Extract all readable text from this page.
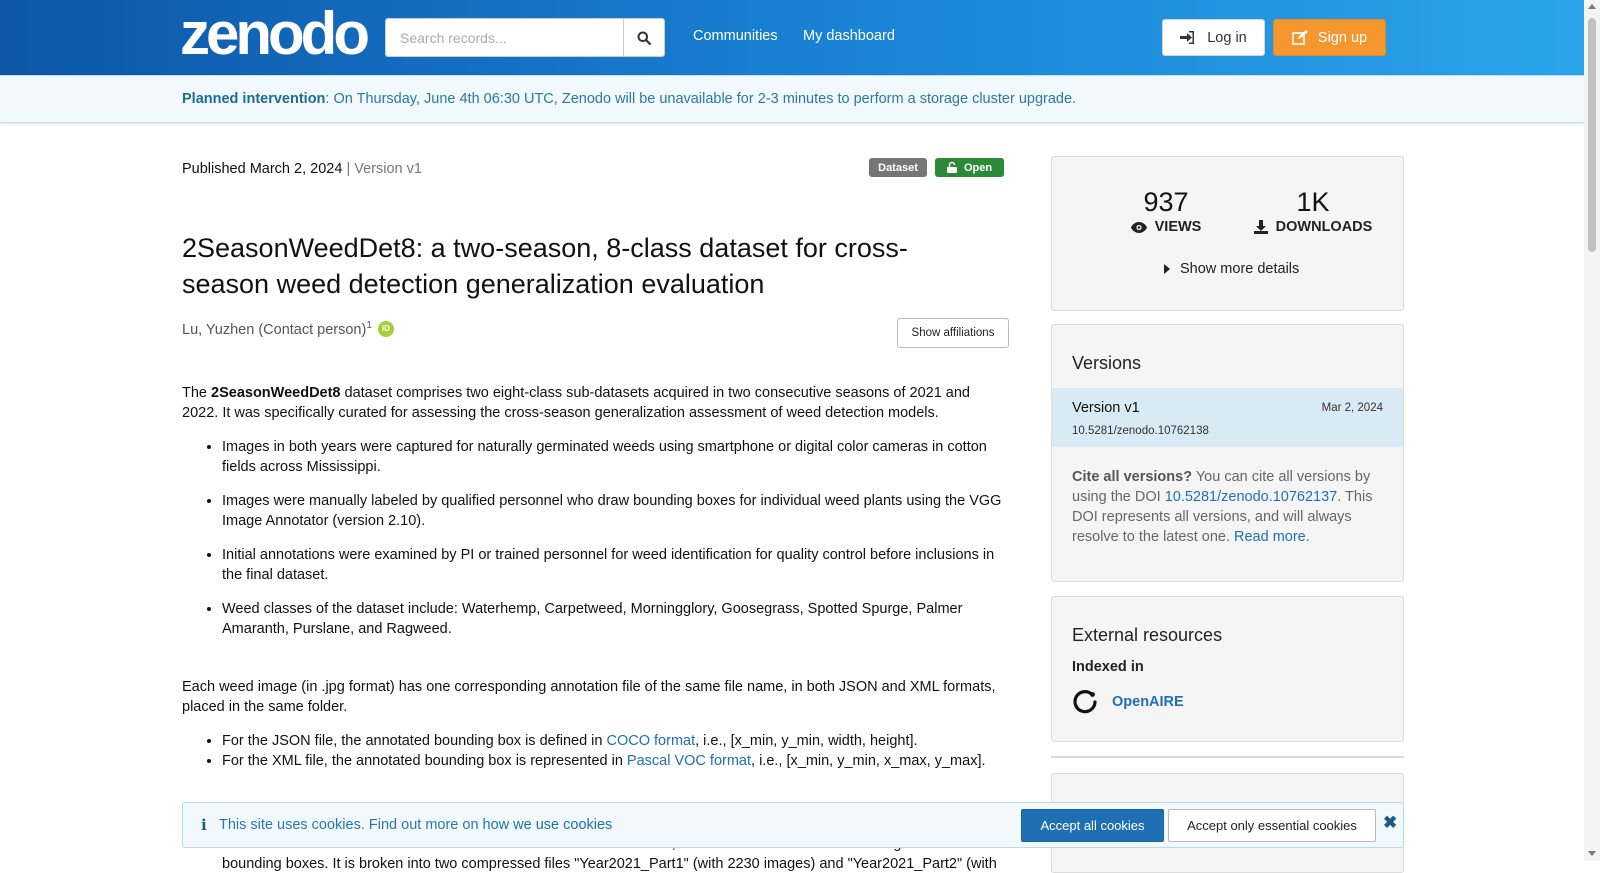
zenodo
Search records...	Communities My dashboard	Log in	Sign up

Planned intervention: On Thursday, June 4th 06:30 UTC, Zenodo will be unavailable for 2-3 minutes to perform a storage cluster upgrade.

Published March 2, 2024 | Version v1	Dataset	Open
2SeasonWeedDet8: a two-season, 8-class dataset for cross-season weed detection generalization evaluation
Lu, Yuzhen (Contact person)$^1$	iD	Show affiliations

The 2SeasonWeedDet8 dataset comprises two eight-class sub-datasets acquired in two consecutive seasons of 2021 and 2022. It was specifically curated for assessing the cross-season generalization assessment of weed detection models.

• Images in both years were captured for naturally germinated weeds using smartphone or digital color cameras in cotton fields across Mississippi.
• Images were manually labeled by qualified personnel who draw bounding boxes for individual weed plants using the VGG Image Annotator (version 2.10).
• Initial annotations were examined by PI or trained personnel for weed identification for quality control before inclusions in the final dataset.
• Weed classes of the dataset include: Waterhemp, Carpetweed, Morningglory, Goosegrass, Spotted Spurge, Palmer Amaranth, Purslane, and Ragweed.

Each weed image (in .jpg format) has one corresponding annotation file of the same file name, in both JSON and XML formats, placed in the same folder.

• For the JSON file, the annotated bounding box is defined in COCO format, i.e., [x_min, y_min, width, height].
• For the XML file, the annotated bounding box is represented in Pascal VOC format, i.e., [x_min, y_min, x_max, y_max].
bounding boxes. It is broken into two compressed files "Year2021_Part1" (with 2230 images) and "Year2021_Part2" (with
937
VIEWS
1K
DOWNLOADS
Show more details
Versions
Version v1	Mar 2, 2024
10.5281/zenodo.10762138
Cite all versions? You can cite all versions by using the DOI 10.5281/zenodo.10762137. This DOI represents all versions, and will always resolve to the latest one. Read more.
External resources
Indexed in
OpenAIRE
i This site uses cookies. Find out more on how we use cookies	Accept all cookies	Accept only essential cookies	✖
